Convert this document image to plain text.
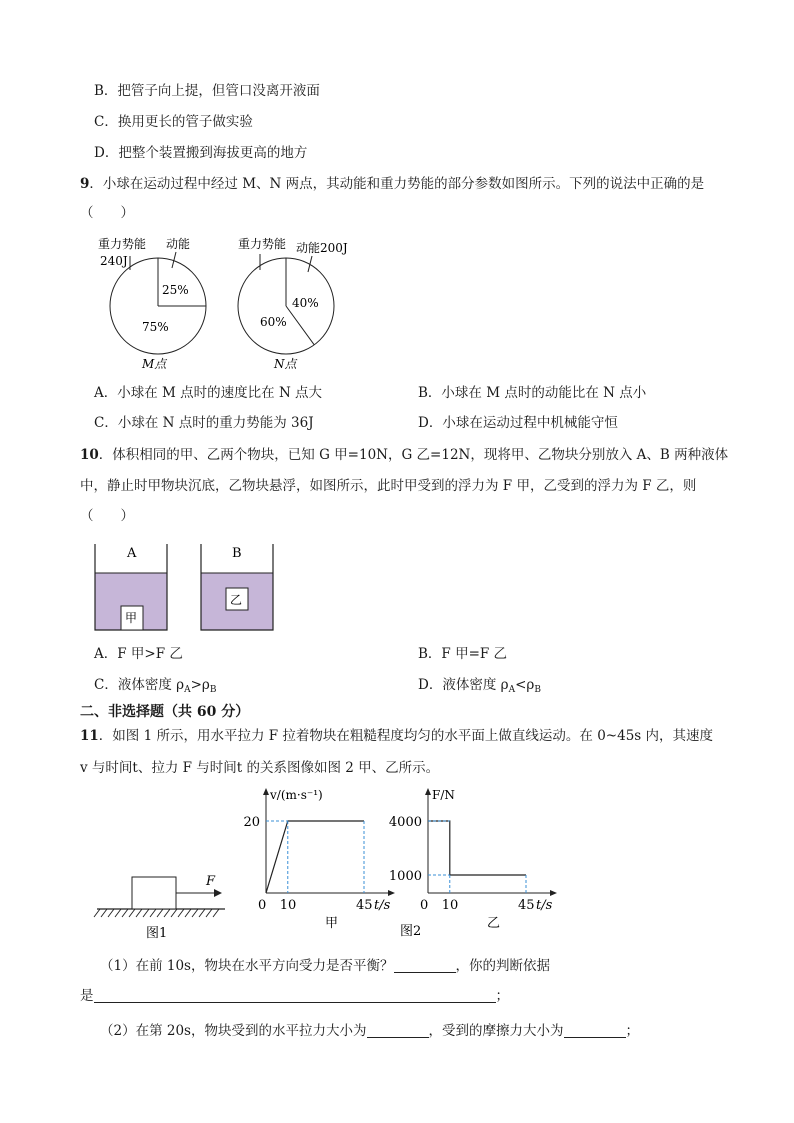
B．把管子向上提，但管口没离开液面
C．换用更长的管子做实验
D．把整个装置搬到海拔更高的地方
9．小球在运动过程中经过 M、N 两点，其动能和重力势能的部分参数如图所示。下列的说法中正确的是
（　　）
重力势能
240J
动能
25%
75%
M点
重力势能 动能200J
40%
60%
N点
A．小球在 M 点时的速度比在 N 点大	B．小球在 M 点时的动能比在 N 点小
C．小球在 N 点时的重力势能为 36J	D．小球在运动过程中机械能守恒
10．体积相同的甲、乙两个物块，已知 G 甲=10N，G 乙=12N，现将甲、乙物块分别放入 A、B 两种液体
中，静止时甲物块沉底，乙物块悬浮，如图所示，此时甲受到的浮力为 F 甲，乙受到的浮力为 F 乙，则
（　　）
A
甲
B
乙
A．F 甲>F 乙	B．F 甲=F 乙
C．液体密度 $\rho_A>\rho_B$	D．液体密度 $\rho_A<\rho_B$
二、非选择题（共 60 分）
11．如图 1 所示，用水平拉力 F 拉着物块在粗糙程度均匀的水平面上做直线运动。在 0~45s 内，其速度
v 与时间t、拉力 F 与时间t 的关系图像如图 2 甲、乙所示。
F
图1
0 10	45
20
t/s
v/(m·s⁻¹)
甲
0 10	45
4000
1000
t/s
F/N
乙
图2
（1）在前 10s，物块在水平方向受力是否平衡？	，你的判断依据
是	；
（2）在第 20s，物块受到的水平拉力大小为	，受到的摩擦力大小为	；
